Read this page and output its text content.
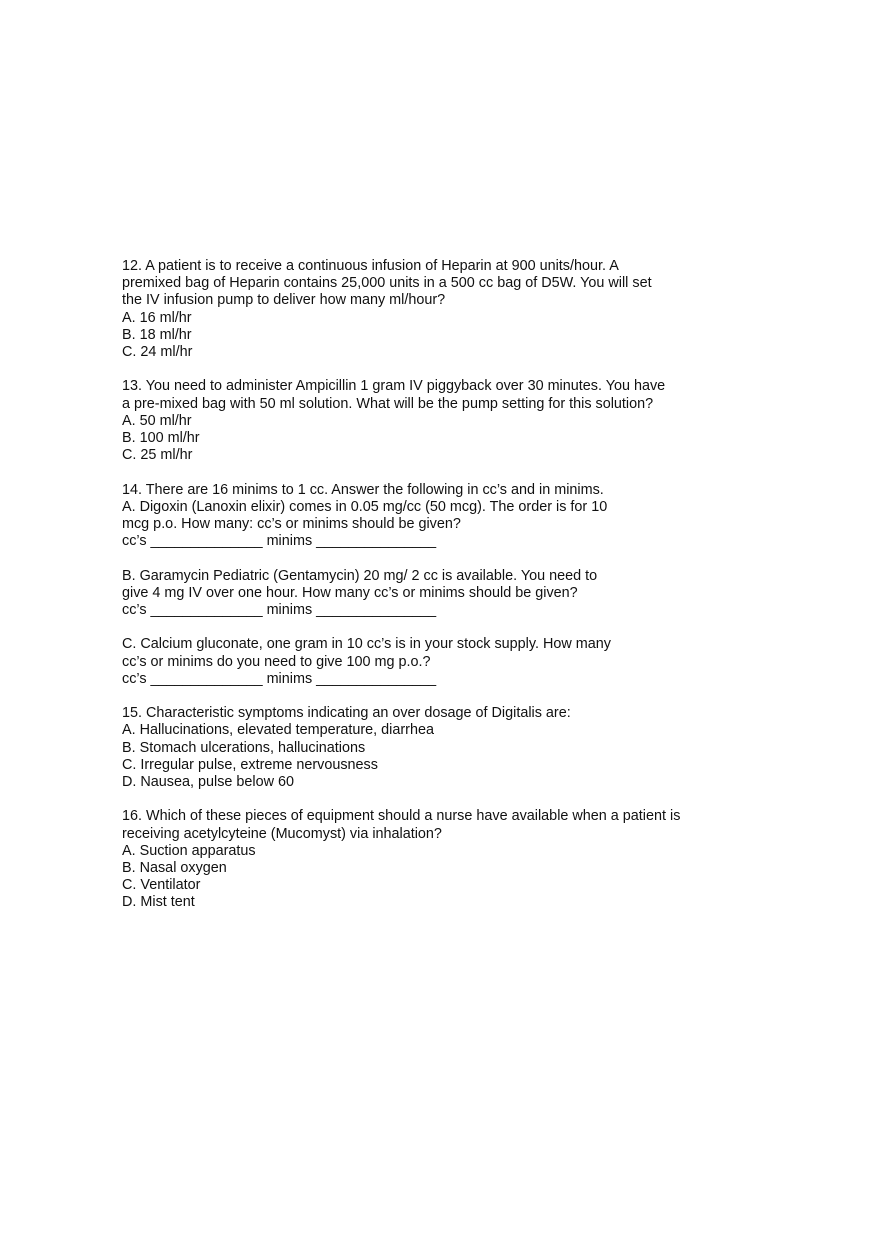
12. A patient is to receive a continuous infusion of Heparin at 900 units/hour. A
premixed bag of Heparin contains 25,000 units in a 500 cc bag of D5W. You will set
the IV infusion pump to deliver how many ml/hour?
A. 16 ml/hr
B. 18 ml/hr
C. 24 ml/hr
13. You need to administer Ampicillin 1 gram IV piggyback over 30 minutes. You have
a pre-mixed bag with 50 ml solution. What will be the pump setting for this solution?
A. 50 ml/hr
B. 100 ml/hr
C. 25 ml/hr
14. There are 16 minims to 1 cc. Answer the following in cc’s and in minims.
A. Digoxin (Lanoxin elixir) comes in 0.05 mg/cc (50 mcg). The order is for 10
mcg p.o. How many: cc’s or minims should be given?
cc’s ______________ minims _______________
B. Garamycin Pediatric (Gentamycin) 20 mg/ 2 cc is available. You need to
give 4 mg IV over one hour. How many cc’s or minims should be given?
cc’s ______________ minims _______________
C. Calcium gluconate, one gram in 10 cc’s is in your stock supply. How many
cc’s or minims do you need to give 100 mg p.o.?
cc’s ______________ minims _______________
15. Characteristic symptoms indicating an over dosage of Digitalis are:
A. Hallucinations, elevated temperature, diarrhea
B. Stomach ulcerations, hallucinations
C. Irregular pulse, extreme nervousness
D. Nausea, pulse below 60
16. Which of these pieces of equipment should a nurse have available when a patient is
receiving acetylcyteine (Mucomyst) via inhalation?
A. Suction apparatus
B. Nasal oxygen
C. Ventilator
D. Mist tent
